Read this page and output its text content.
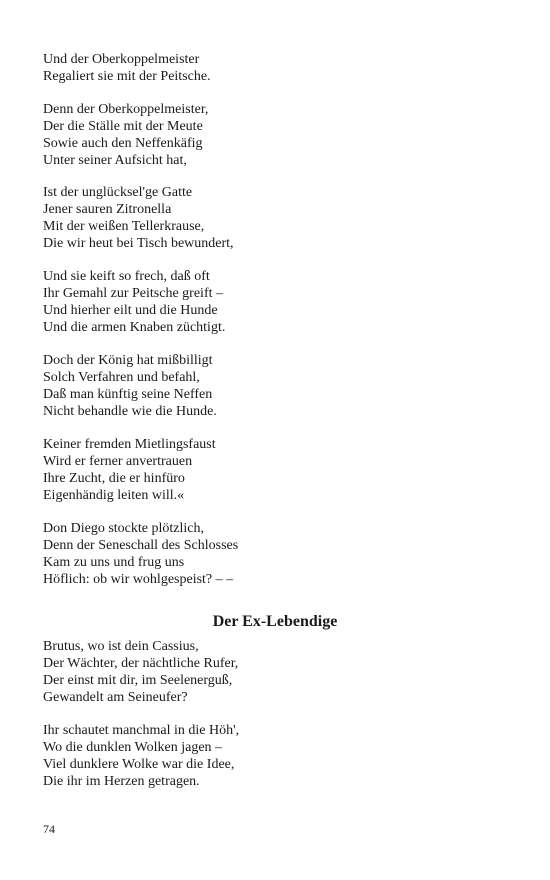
Und der Oberkoppelmeister
Regaliert sie mit der Peitsche.
Denn der Oberkoppelmeister,
Der die Ställe mit der Meute
Sowie auch den Neffenkäfig
Unter seiner Aufsicht hat,
Ist der unglücksel'ge Gatte
Jener sauren Zitronella
Mit der weißen Tellerkrause,
Die wir heut bei Tisch bewundert,
Und sie keift so frech, daß oft
Ihr Gemahl zur Peitsche greift –
Und hierher eilt und die Hunde
Und die armen Knaben züchtigt.
Doch der König hat mißbilligt
Solch Verfahren und befahl,
Daß man künftig seine Neffen
Nicht behandle wie die Hunde.
Keiner fremden Mietlingsfaust
Wird er ferner anvertrauen
Ihre Zucht, die er hinfüro
Eigenhändig leiten will.«
Don Diego stockte plötzlich,
Denn der Seneschall des Schlosses
Kam zu uns und frug uns
Höflich: ob wir wohlgespeist? – –
Der Ex-Lebendige
Brutus, wo ist dein Cassius,
Der Wächter, der nächtliche Rufer,
Der einst mit dir, im Seelenerguß,
Gewandelt am Seineufer?
Ihr schautet manchmal in die Höh',
Wo die dunklen Wolken jagen –
Viel dunklere Wolke war die Idee,
Die ihr im Herzen getragen.
74
